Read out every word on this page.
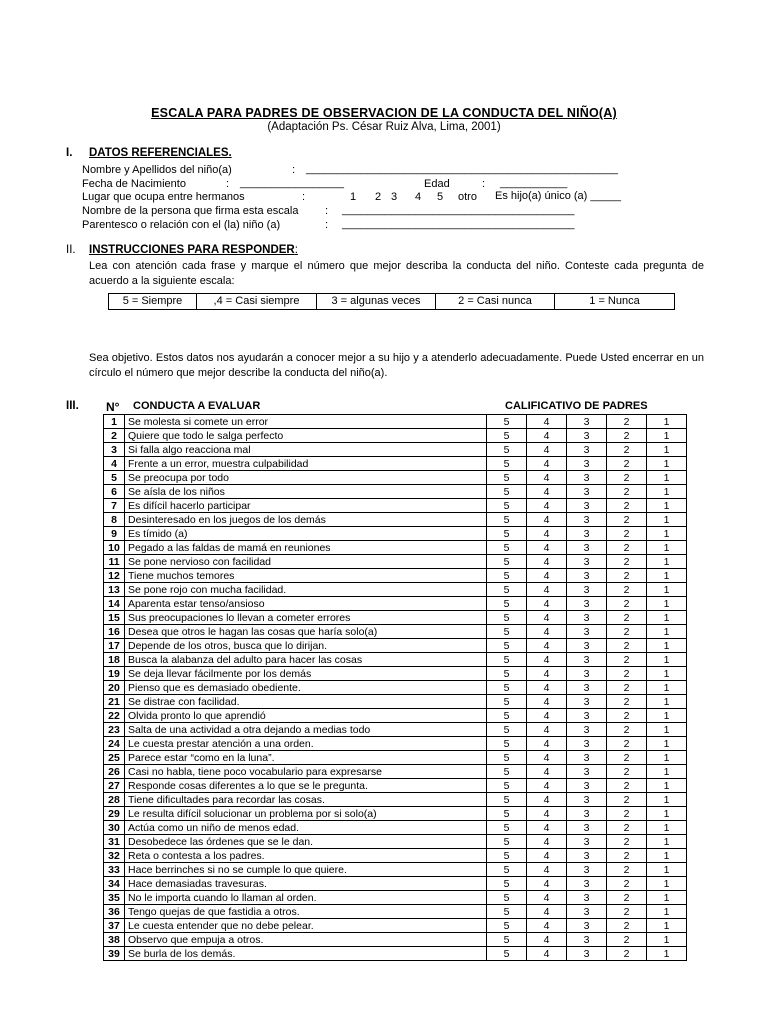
ESCALA PARA PADRES DE OBSERVACION DE LA CONDUCTA DEL NIÑO(A)
(Adaptación Ps. César Ruiz Alva, Lima, 2001)
I. DATOS REFERENCIALES.
Nombre y Apellidos del niño(a)	: ___________________________________________________
Fecha de Nacimiento	: _________________	Edad	: ___________
Lugar que ocupa entre hermanos	:	1 2 3 4 5 otro Es hijo(a) único (a) _____
Nombre de la persona que firma esta escala : ______________________________________
Parentesco o relación con el (la) niño (a)	: ______________________________________
II. INSTRUCCIONES PARA RESPONDER:
Lea con atención cada frase y marque el número que mejor describa la conducta del niño. Conteste cada pregunta de acuerdo a la siguiente escala:
5 = Siempre	,4 = Casi siempre	3 = algunas veces	2 = Casi nunca	1 = Nunca
Sea objetivo. Estos datos nos ayudarán a conocer mejor a su hijo y a atenderlo adecuadamente. Puede Usted encerrar en un círculo el número que mejor describe la conducta del niño(a).
III. N° CONDUCTA A EVALUAR	CALIFICATIVO DE PADRES
1	Se molesta si comete un error	5	4	3	2	1
2	Quiere que todo le salga perfecto	5	4	3	2	1
3	Si falla algo reacciona mal	5	4	3	2	1
4	Frente a un error, muestra culpabilidad	5	4	3	2	1
5	Se preocupa por todo	5	4	3	2	1
6	Se aísla de los niños	5	4	3	2	1
7	Es difícil hacerlo participar	5	4	3	2	1
8	Desinteresado en los juegos de los demás	5	4	3	2	1
9	Es tímido (a)	5	4	3	2	1
10	Pegado a las faldas de mamá en reuniones	5	4	3	2	1
11	Se pone nervioso con facilidad	5	4	3	2	1
12	Tiene muchos temores	5	4	3	2	1
13	Se pone rojo con mucha facilidad.	5	4	3	2	1
14	Aparenta estar tenso/ansioso	5	4	3	2	1
15	Sus preocupaciones lo llevan a cometer errores	5	4	3	2	1
16	Desea que otros le hagan las cosas que haría solo(a)	5	4	3	2	1
17	Depende de los otros, busca que lo dirijan.	5	4	3	2	1
18	Busca la alabanza del adulto para hacer las cosas	5	4	3	2	1
19	Se deja llevar fácilmente por los demás	5	4	3	2	1
20	Pienso que es demasiado obediente.	5	4	3	2	1
21	Se distrae con facilidad.	5	4	3	2	1
22	Olvida pronto lo que aprendió	5	4	3	2	1
23	Salta de una actividad a otra dejando a medias todo	5	4	3	2	1
24	Le cuesta prestar atención a una orden.	5	4	3	2	1
25	Parece estar “como en la luna”.	5	4	3	2	1
26	Casi no habla, tiene poco vocabulario para expresarse	5	4	3	2	1
27	Responde cosas diferentes a lo que se le pregunta.	5	4	3	2	1
28	Tiene dificultades para recordar las cosas.	5	4	3	2	1
29	Le resulta difícil solucionar un problema por si solo(a)	5	4	3	2	1
30	Actúa como un niño de menos edad.	5	4	3	2	1
31	Desobedece las órdenes que se le dan.	5	4	3	2	1
32	Reta o contesta a los padres.	5	4	3	2	1
33	Hace berrinches si no se cumple lo que quiere.	5	4	3	2	1
34	Hace demasiadas travesuras.	5	4	3	2	1
35	No le importa cuando lo llaman al orden.	5	4	3	2	1
36	Tengo quejas de que fastidia a otros.	5	4	3	2	1
37	Le cuesta entender que no debe pelear.	5	4	3	2	1
38	Observo que empuja a otros.	5	4	3	2	1
39	Se burla de los demás.	5	4	3	2	1
